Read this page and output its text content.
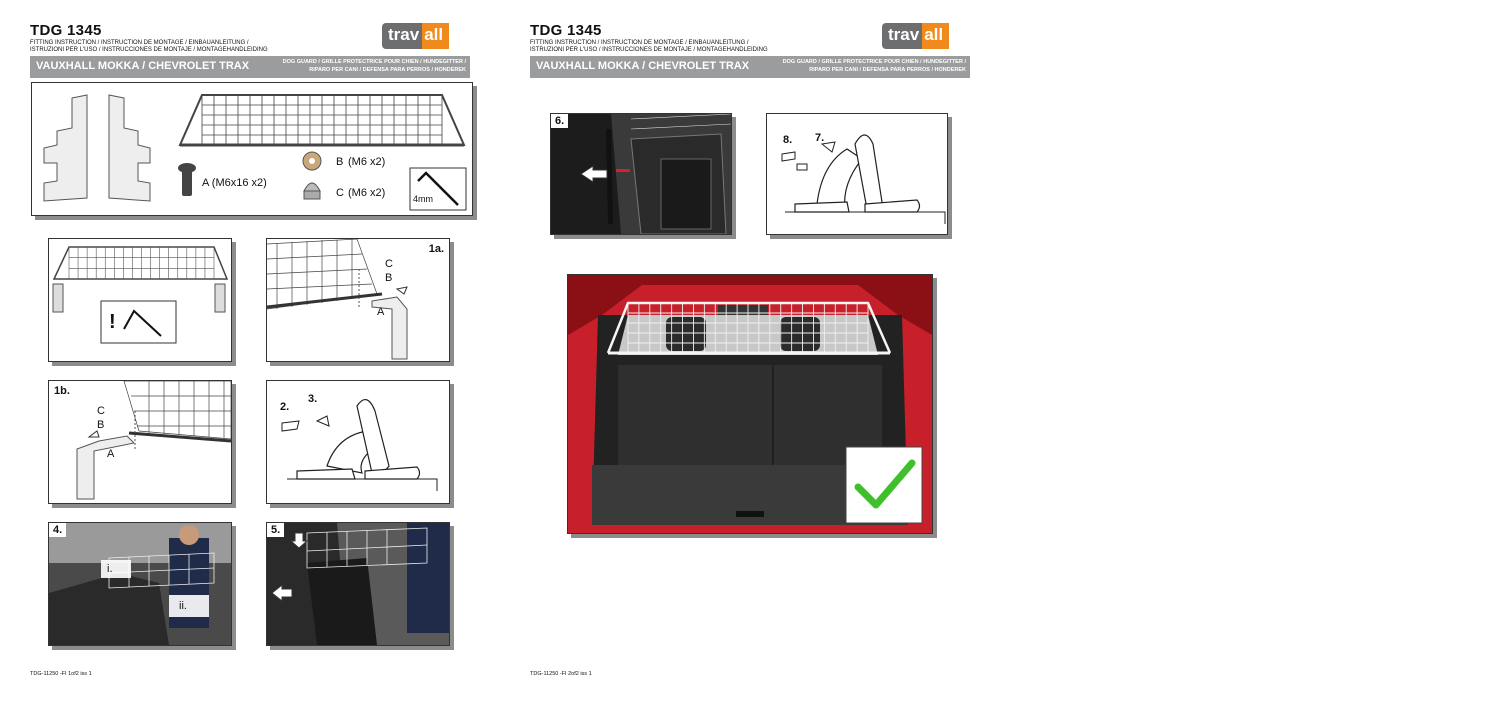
TDG 1345
FITTING INSTRUCTION / INSTRUCTION DE MONTAGE / EINBAUANLEITUNG /
ISTRUZIONI PER L'USO / INSTRUCCIONES DE MONTAJE / MONTAGEHANDLEIDING
trav all
VAUXHALL MOKKA / CHEVROLET TRAX	DOG GUARD / GRILLE PROTECTRICE POUR CHIEN / HUNDEGITTER /
RIPARO PER CANI / DEFENSA PARA PERROS / HONDEREK
A (M6x16 x2)
B (M6 x2)
C (M6 x2)	4mm
!
1a.
C
B
A
1b.
C
B
A
2.
3.
i.
ii.
4.	5.
TDG-11250 -FI 1of2 iss 1
TDG 1345
FITTING INSTRUCTION / INSTRUCTION DE MONTAGE / EINBAUANLEITUNG /
ISTRUZIONI PER L'USO / INSTRUCCIONES DE MONTAJE / MONTAGEHANDLEIDING
trav all
VAUXHALL MOKKA / CHEVROLET TRAX	DOG GUARD / GRILLE PROTECTRICE POUR CHIEN / HUNDEGITTER /
RIPARO PER CANI / DEFENSA PARA PERROS / HONDEREK
6.
8. 7.
TDG-11250 -FI 2of2 iss 1
